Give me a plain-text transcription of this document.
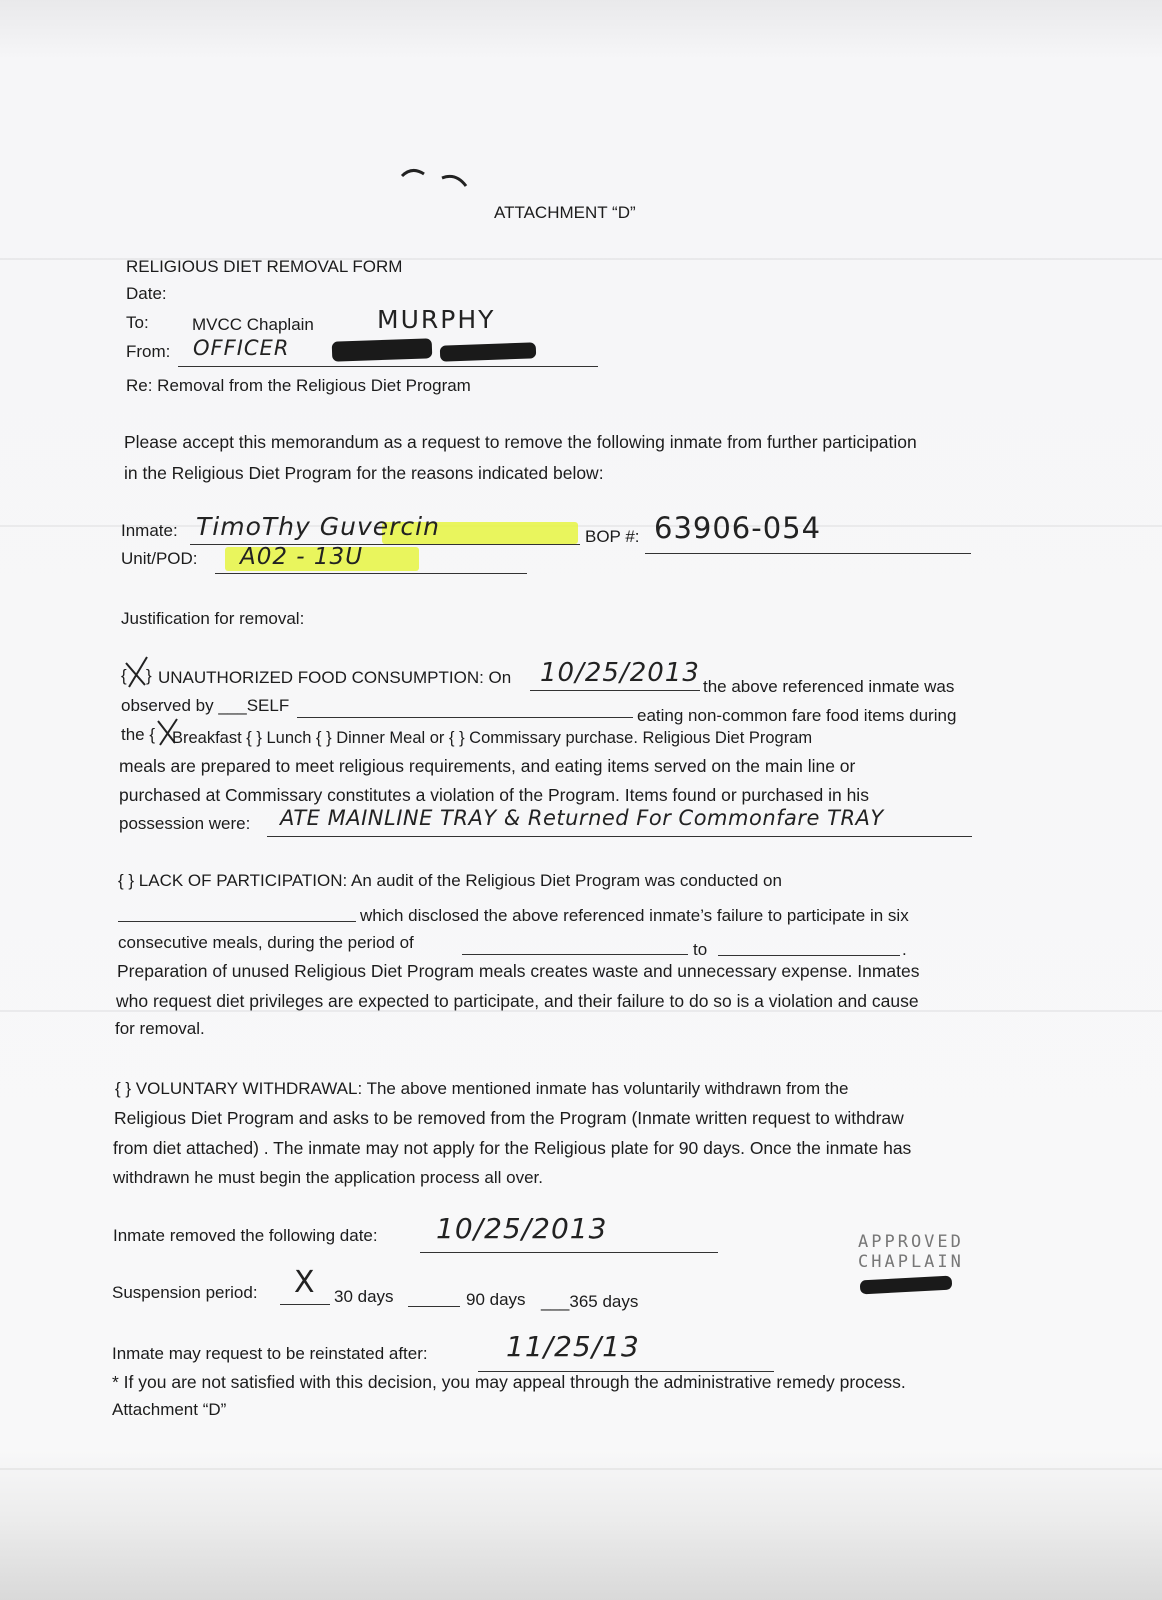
ATTACHMENT “D”
RELIGIOUS DIET REMOVAL FORM
Date:
To:	MVCC Chaplain	MURPHY
From: OFFICER
Re: Removal from the Religious Diet Program
Please accept this memorandum as a request to remove the following inmate from further participation
in the Religious Diet Program for the reasons indicated below:
Inmate: TimoThy Guvercin	BOP #: 63906-054
Unit/POD: A02 - 13U
Justification for removal:
{ } UNAUTHORIZED FOOD CONSUMPTION: On 10/25/2013 the above referenced inmate was
observed by ___SELF
eating non-common fare food items during
the { Breakfast { } Lunch { } Dinner Meal or { } Commissary purchase. Religious Diet Program
meals are prepared to meet religious requirements, and eating items served on the main line or
purchased at Commissary constitutes a violation of the Program. Items found or purchased in his
possession were: ATE MAINLINE TRAY & Returned For Commonfare TRAY
{ } LACK OF PARTICIPATION: An audit of the Religious Diet Program was conducted on
which disclosed the above referenced inmate’s failure to participate in six
consecutive meals, during the period of	to	.
Preparation of unused Religious Diet Program meals creates waste and unnecessary expense. Inmates
who request diet privileges are expected to participate, and their failure to do so is a violation and cause
for removal.
{ } VOLUNTARY WITHDRAWAL: The above mentioned inmate has voluntarily withdrawn from the
Religious Diet Program and asks to be removed from the Program (Inmate written request to withdraw
from diet attached) . The inmate may not apply for the Religious plate for 90 days. Once the inmate has
withdrawn he must begin the application process all over.
Inmate removed the following date: 10/25/2013	APPROVED
CHAPLAIN
Suspension period: X 30 days	90 days ___365 days
Inmate may request to be reinstated after:	11/25/13
* If you are not satisfied with this decision, you may appeal through the administrative remedy process.
Attachment “D”
